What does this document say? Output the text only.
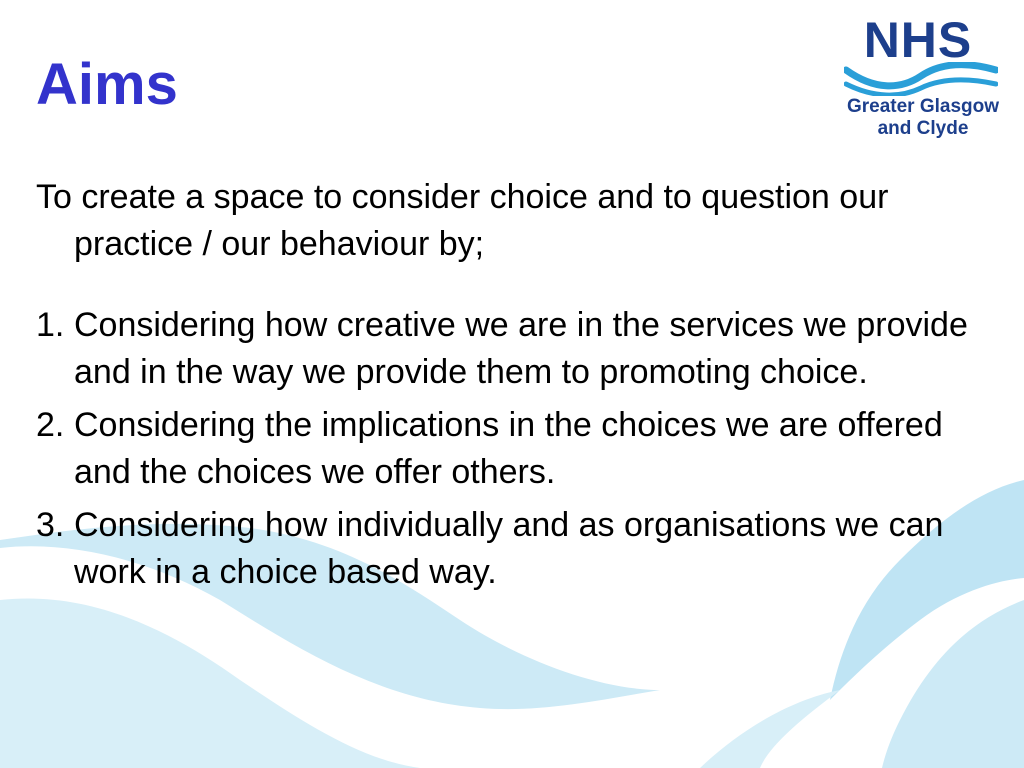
Aims
NHS
Greater Glasgow
and Clyde

To create a space to consider choice and to question our practice / our behaviour by;

1. Considering how creative we are in the services we provide and in the way we provide them to promoting choice.
2. Considering the implications in the choices we are offered and the choices we offer others.
3. Considering how individually and as organisations we can work in a choice based way.
